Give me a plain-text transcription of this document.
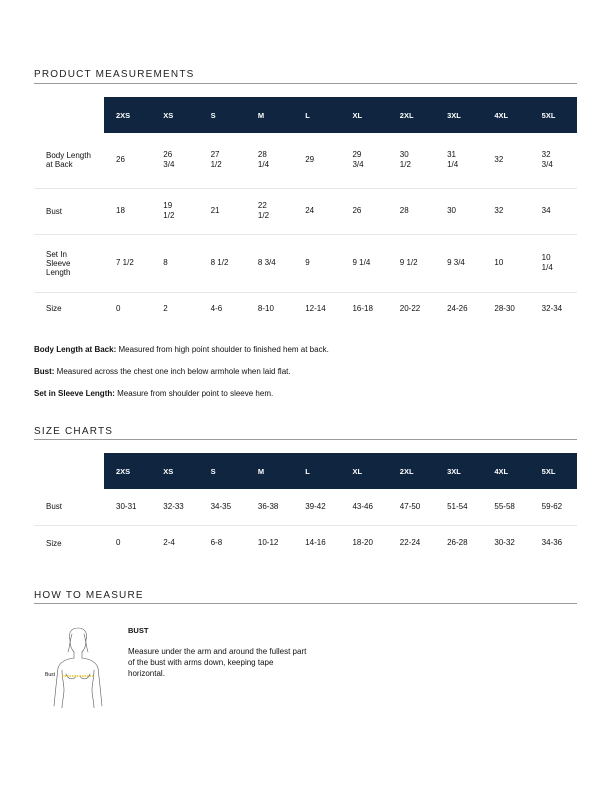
PRODUCT MEASUREMENTS
	2XS	XS	S	M	L	XL	2XL	3XL	4XL	5XL
Body Length at Back	26	26 3/4	27 1/2	28 1/4	29	29 3/4	30 1/2	31 1/4	32	32 3/4
Bust	18	19 1/2	21	22 1/2	24	26	28	30	32	34
Set In Sleeve Length	7 1/2	8	8 1/2	8 3/4	9	9 1/4	9 1/2	9 3/4	10	10 1/4
Size	0	2	4-6	8-10	12-14	16-18	20-22	24-26	28-30	32-34
Body Length at Back: Measured from high point shoulder to finished hem at back.
Bust: Measured across the chest one inch below armhole when laid flat.
Set in Sleeve Length: Measure from shoulder point to sleeve hem.
SIZE CHARTS
	2XS	XS	S	M	L	XL	2XL	3XL	4XL	5XL
Bust	30-31	32-33	34-35	36-38	39-42	43-46	47-50	51-54	55-58	59-62
Size	0	2-4	6-8	10-12	14-16	18-20	22-24	26-28	30-32	34-36
HOW TO MEASURE
Bust
BUST
Measure under the arm and around the fullest part of the bust with arms down, keeping tape horizontal.
